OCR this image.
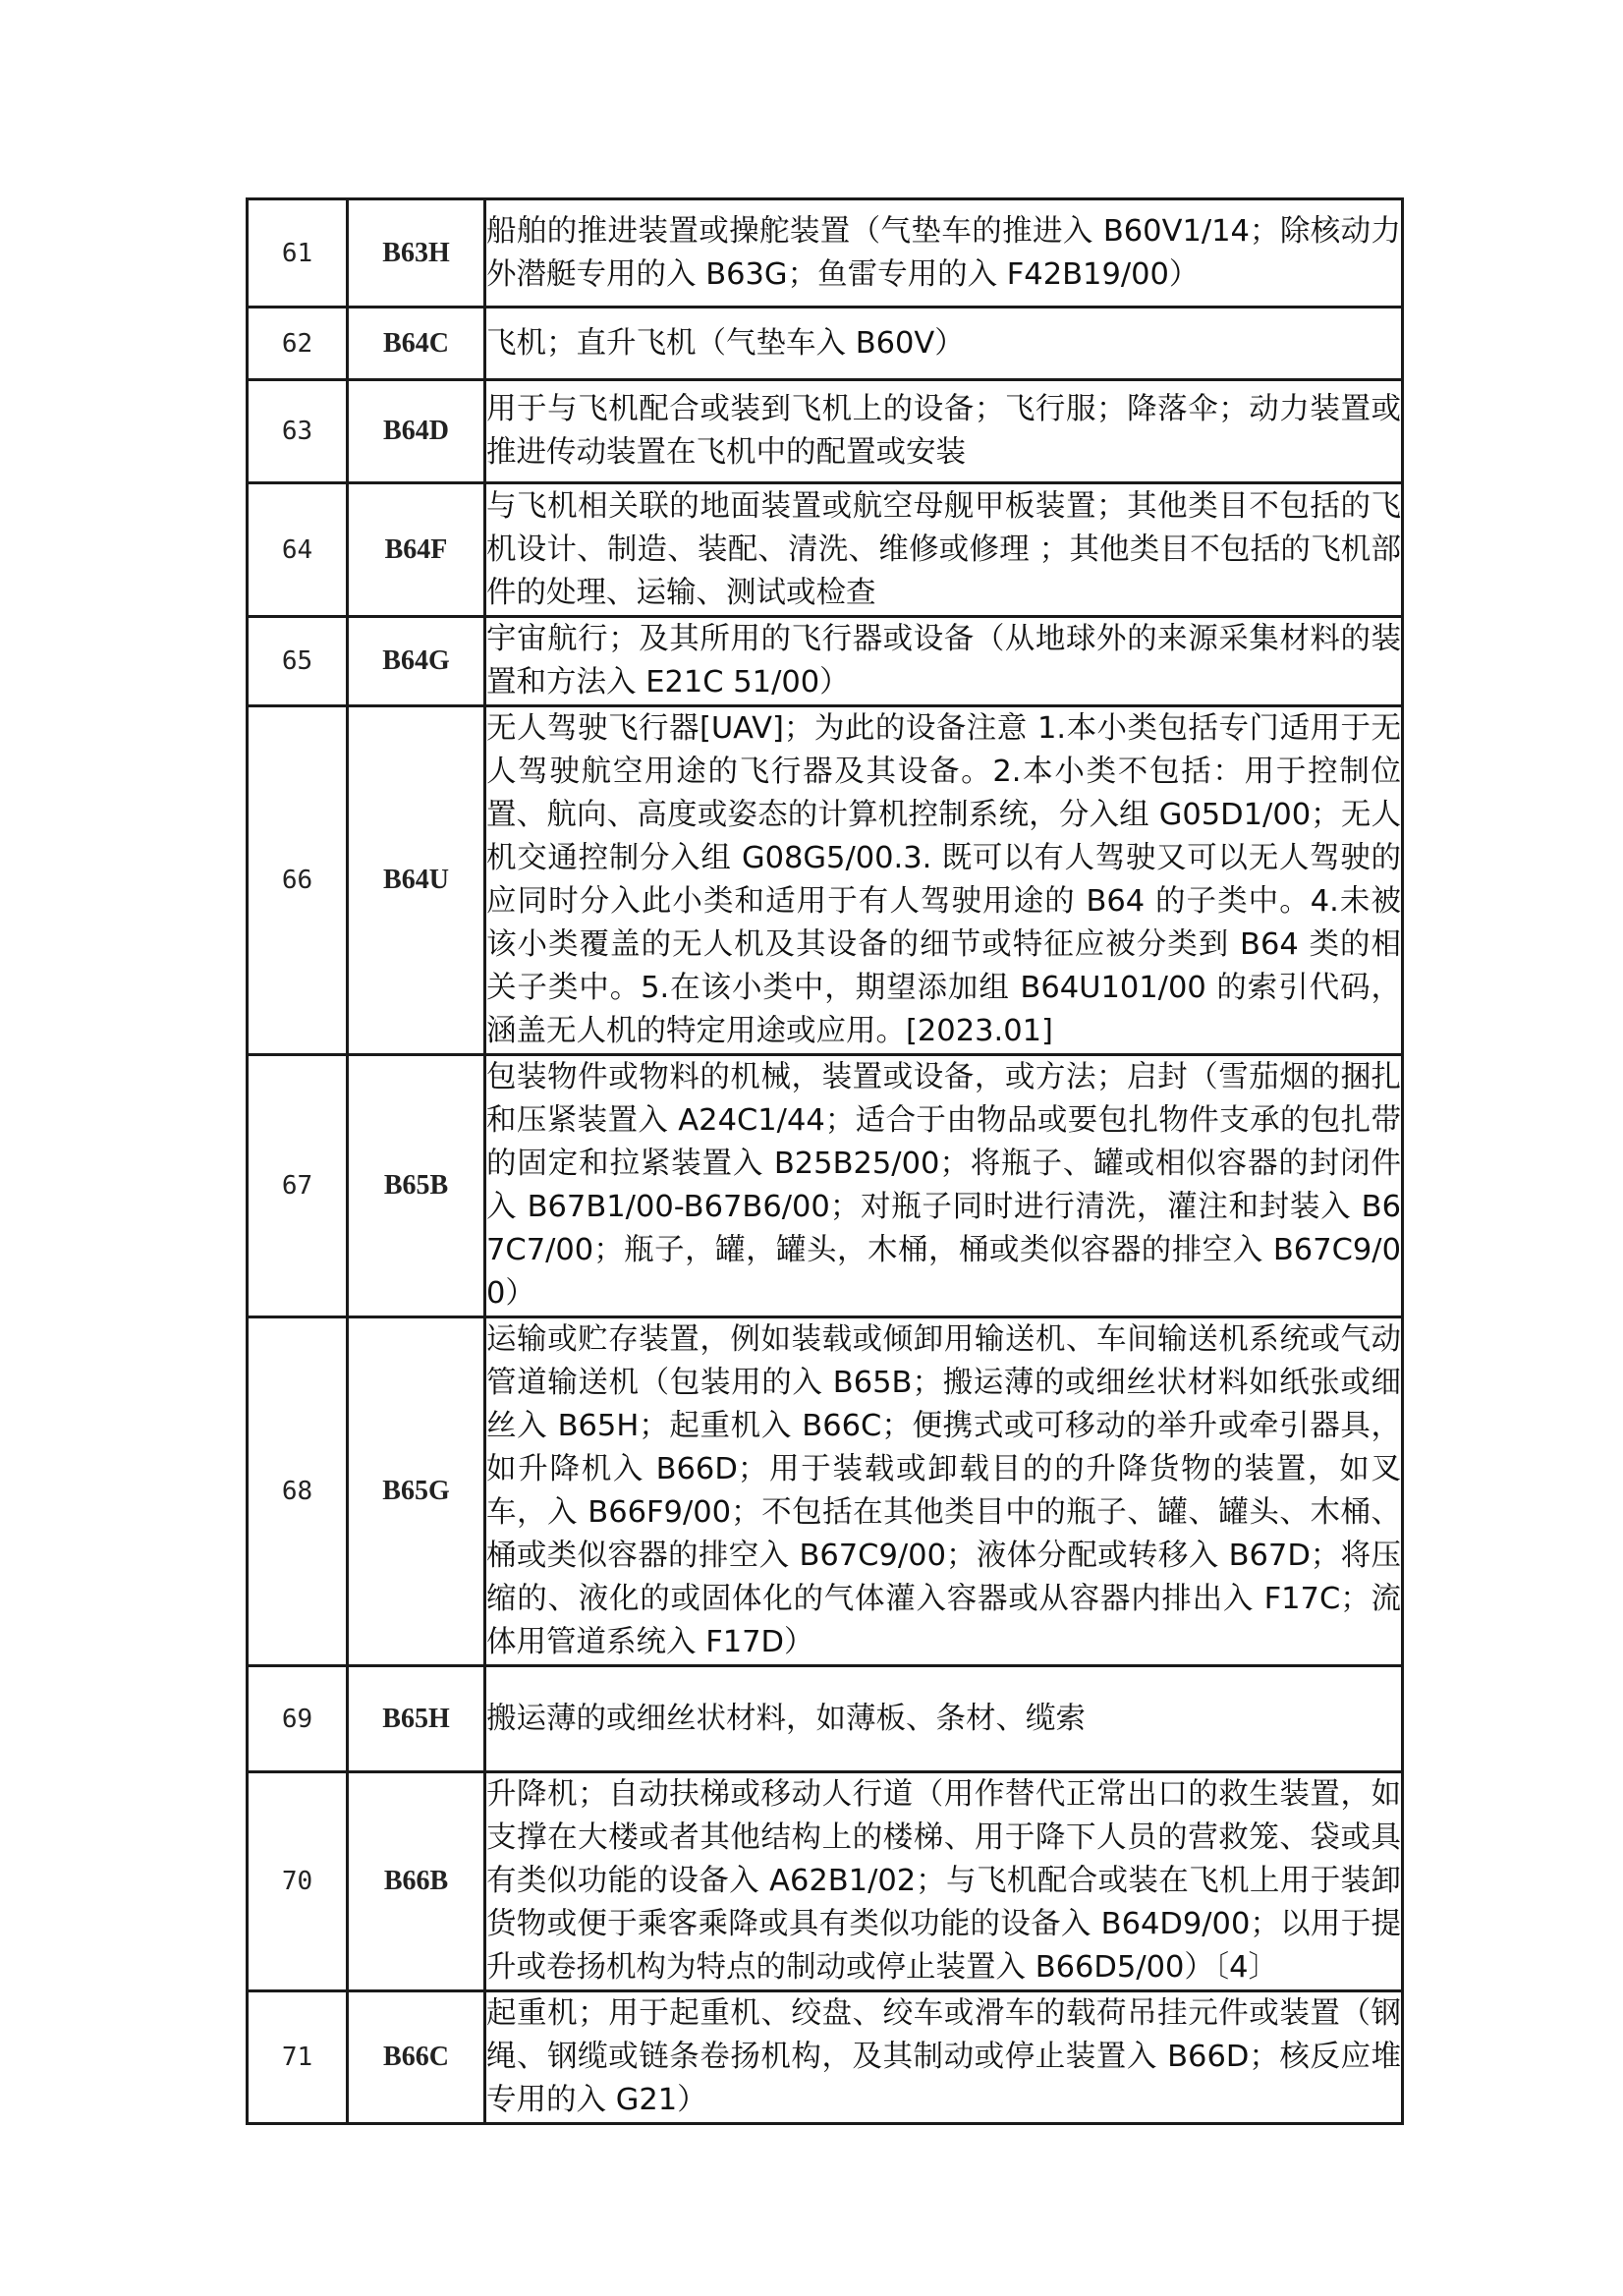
61	B63H	船舶的推进装置或操舵装置（气垫车的推进入 B60V1/14；除核动力外潜艇专用的入 B63G；鱼雷专用的入 F42B19/00）
62	B64C	飞机；直升飞机（气垫车入 B60V）
63	B64D	用于与飞机配合或装到飞机上的设备；飞行服；降落伞；动力装置或推进传动装置在飞机中的配置或安装
64	B64F	与飞机相关联的地面装置或航空母舰甲板装置；其他类目不包括的飞机设计、制造、装配、清洗、维修或修理 ；其他类目不包括的飞机部件的处理、运输、测试或检查
65	B64G	宇宙航行；及其所用的飞行器或设备（从地球外的来源采集材料的装置和方法入 E21C 51/00）
66	B64U	无人驾驶飞行器[UAV]；为此的设备注意 1.本小类包括专门适用于无人驾驶航空用途的飞行器及其设备。2.本小类不包括：用于控制位置、航向、高度或姿态的计算机控制系统，分入组 G05D1/00；无人机交通控制分入组 G08G5/00.3. 既可以有人驾驶又可以无人驾驶的应同时分入此小类和适用于有人驾驶用途的 B64 的子类中。4.未被该小类覆盖的无人机及其设备的细节或特征应被分类到 B64 类的相关子类中。5.在该小类中，期望添加组 B64U101/00 的索引代码，涵盖无人机的特定用途或应用。[2023.01]
67	B65B	包装物件或物料的机械，装置或设备，或方法；启封（雪茄烟的捆扎和压紧装置入 A24C1/44；适合于由物品或要包扎物件支承的包扎带的固定和拉紧装置入 B25B25/00；将瓶子、罐或相似容器的封闭件入 B67B1/00-B67B6/00；对瓶子同时进行清洗，灌注和封装入 B67C7/00；瓶子，罐，罐头，木桶，桶或类似容器的排空入 B67C9/00）
68	B65G	运输或贮存装置，例如装载或倾卸用输送机、车间输送机系统或气动管道输送机（包装用的入 B65B；搬运薄的或细丝状材料如纸张或细丝入 B65H；起重机入 B66C；便携式或可移动的举升或牵引器具，如升降机入 B66D；用于装载或卸载目的的升降货物的装置，如叉车，入 B66F9/00；不包括在其他类目中的瓶子、罐、罐头、木桶、桶或类似容器的排空入 B67C9/00；液体分配或转移入 B67D；将压缩的、液化的或固体化的气体灌入容器或从容器内排出入 F17C；流体用管道系统入 F17D）
69	B65H	搬运薄的或细丝状材料，如薄板、条材、缆索
70	B66B	升降机；自动扶梯或移动人行道（用作替代正常出口的救生装置，如支撑在大楼或者其他结构上的楼梯、用于降下人员的营救笼、袋或具有类似功能的设备入 A62B1/02；与飞机配合或装在飞机上用于装卸货物或便于乘客乘降或具有类似功能的设备入 B64D9/00；以用于提升或卷扬机构为特点的制动或停止装置入 B66D5/00）〔4〕
71	B66C	起重机；用于起重机、绞盘、绞车或滑车的载荷吊挂元件或装置（钢绳、钢缆或链条卷扬机构，及其制动或停止装置入 B66D；核反应堆专用的入 G21）
